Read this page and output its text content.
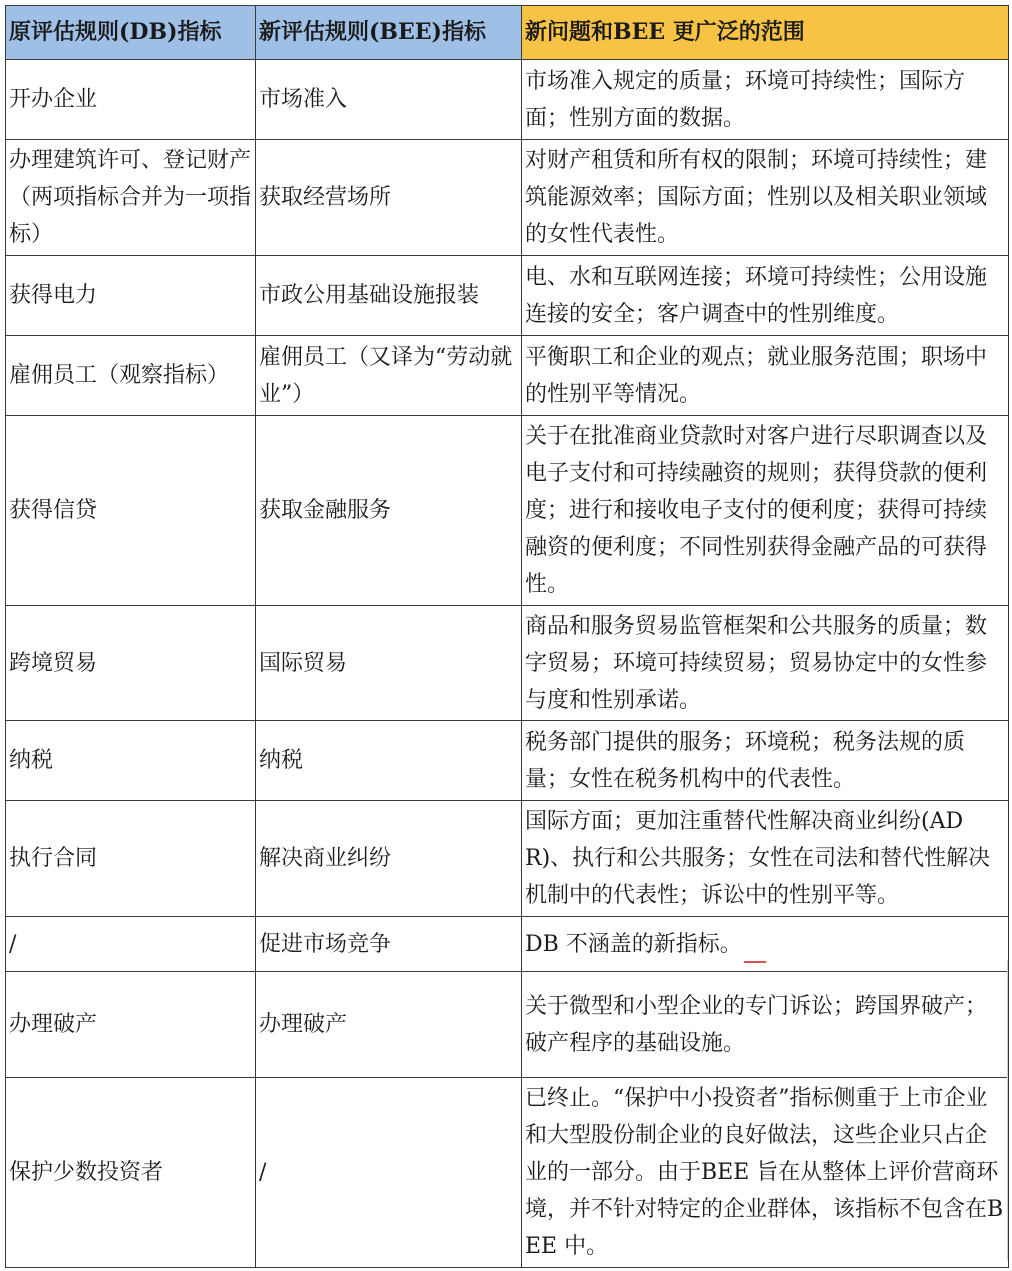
原评估规则(DB)指标	新评估规则(BEE)指标	新问题和BEE 更广泛的范围
开办企业	市场准入	市场准入规定的质量；环境可持续性；国际方面；性别方面的数据。
办理建筑许可、登记财产（两项指标合并为一项指标）	获取经营场所	对财产租赁和所有权的限制；环境可持续性；建筑能源效率；国际方面；性别以及相关职业领域的女性代表性。
获得电力	市政公用基础设施报装	电、水和互联网连接；环境可持续性；公用设施连接的安全；客户调查中的性别维度。
雇佣员工（观察指标）	雇佣员工（又译为“劳动就业”）	平衡职工和企业的观点；就业服务范围；职场中的性别平等情况。
获得信贷	获取金融服务	关于在批准商业贷款时对客户进行尽职调查以及电子支付和可持续融资的规则；获得贷款的便利度；进行和接收电子支付的便利度；获得可持续融资的便利度；不同性别获得金融产品的可获得性。
跨境贸易	国际贸易	商品和服务贸易监管框架和公共服务的质量；数字贸易；环境可持续贸易；贸易协定中的女性参与度和性别承诺。
纳税	纳税	税务部门提供的服务；环境税；税务法规的质量；女性在税务机构中的代表性。
执行合同	解决商业纠纷	国际方面；更加注重替代性解决商业纠纷(ADR)、执行和公共服务；女性在司法和替代性解决机制中的代表性；诉讼中的性别平等。
/	促进市场竞争	DB 不涵盖的新指标。
办理破产	办理破产	关于微型和小型企业的专门诉讼；跨国界破产；破产程序的基础设施。
保护少数投资者	/	已终止。“保护中小投资者”指标侧重于上市企业和大型股份制企业的良好做法，这些企业只占企业的一部分。由于BEE 旨在从整体上评价营商环境，并不针对特定的企业群体，该指标不包含在BEE 中。
